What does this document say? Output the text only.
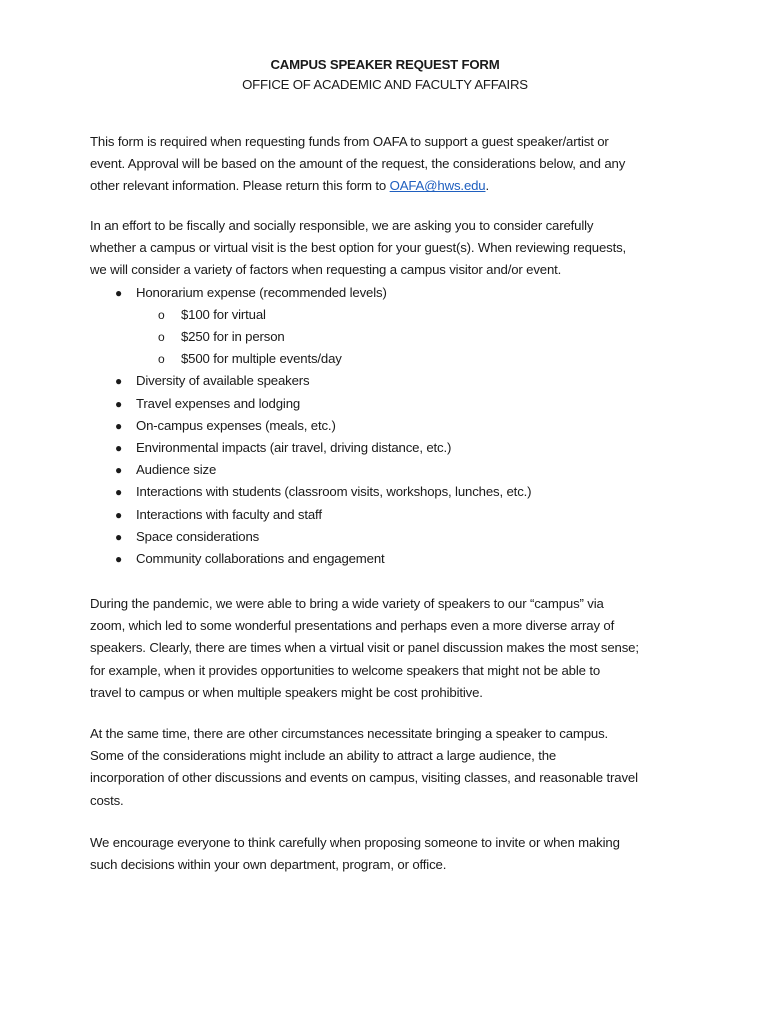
CAMPUS SPEAKER REQUEST FORM
OFFICE OF ACADEMIC AND FACULTY AFFAIRS

This form is required when requesting funds from OAFA to support a guest speaker/artist or

event. Approval will be based on the amount of the request, the considerations below, and any

other relevant information. Please return this form to OAFA@hws.edu.

In an effort to be fiscally and socially responsible, we are asking you to consider carefully

whether a campus or virtual visit is the best option for your guest(s). When reviewing requests,

we will consider a variety of factors when requesting a campus visitor and/or event.

● Honorarium expense (recommended levels)
o $100 for virtual
o $250 for in person
o $500 for multiple events/day
● Diversity of available speakers
● Travel expenses and lodging
● On-campus expenses (meals, etc.)
● Environmental impacts (air travel, driving distance, etc.)
● Audience size
● Interactions with students (classroom visits, workshops, lunches, etc.)
● Interactions with faculty and staff
● Space considerations
● Community collaborations and engagement

During the pandemic, we were able to bring a wide variety of speakers to our “campus” via

zoom, which led to some wonderful presentations and perhaps even a more diverse array of

speakers. Clearly, there are times when a virtual visit or panel discussion makes the most sense;

for example, when it provides opportunities to welcome speakers that might not be able to

travel to campus or when multiple speakers might be cost prohibitive.

At the same time, there are other circumstances necessitate bringing a speaker to campus.

Some of the considerations might include an ability to attract a large audience, the

incorporation of other discussions and events on campus, visiting classes, and reasonable travel

costs.

We encourage everyone to think carefully when proposing someone to invite or when making

such decisions within your own department, program, or office.
